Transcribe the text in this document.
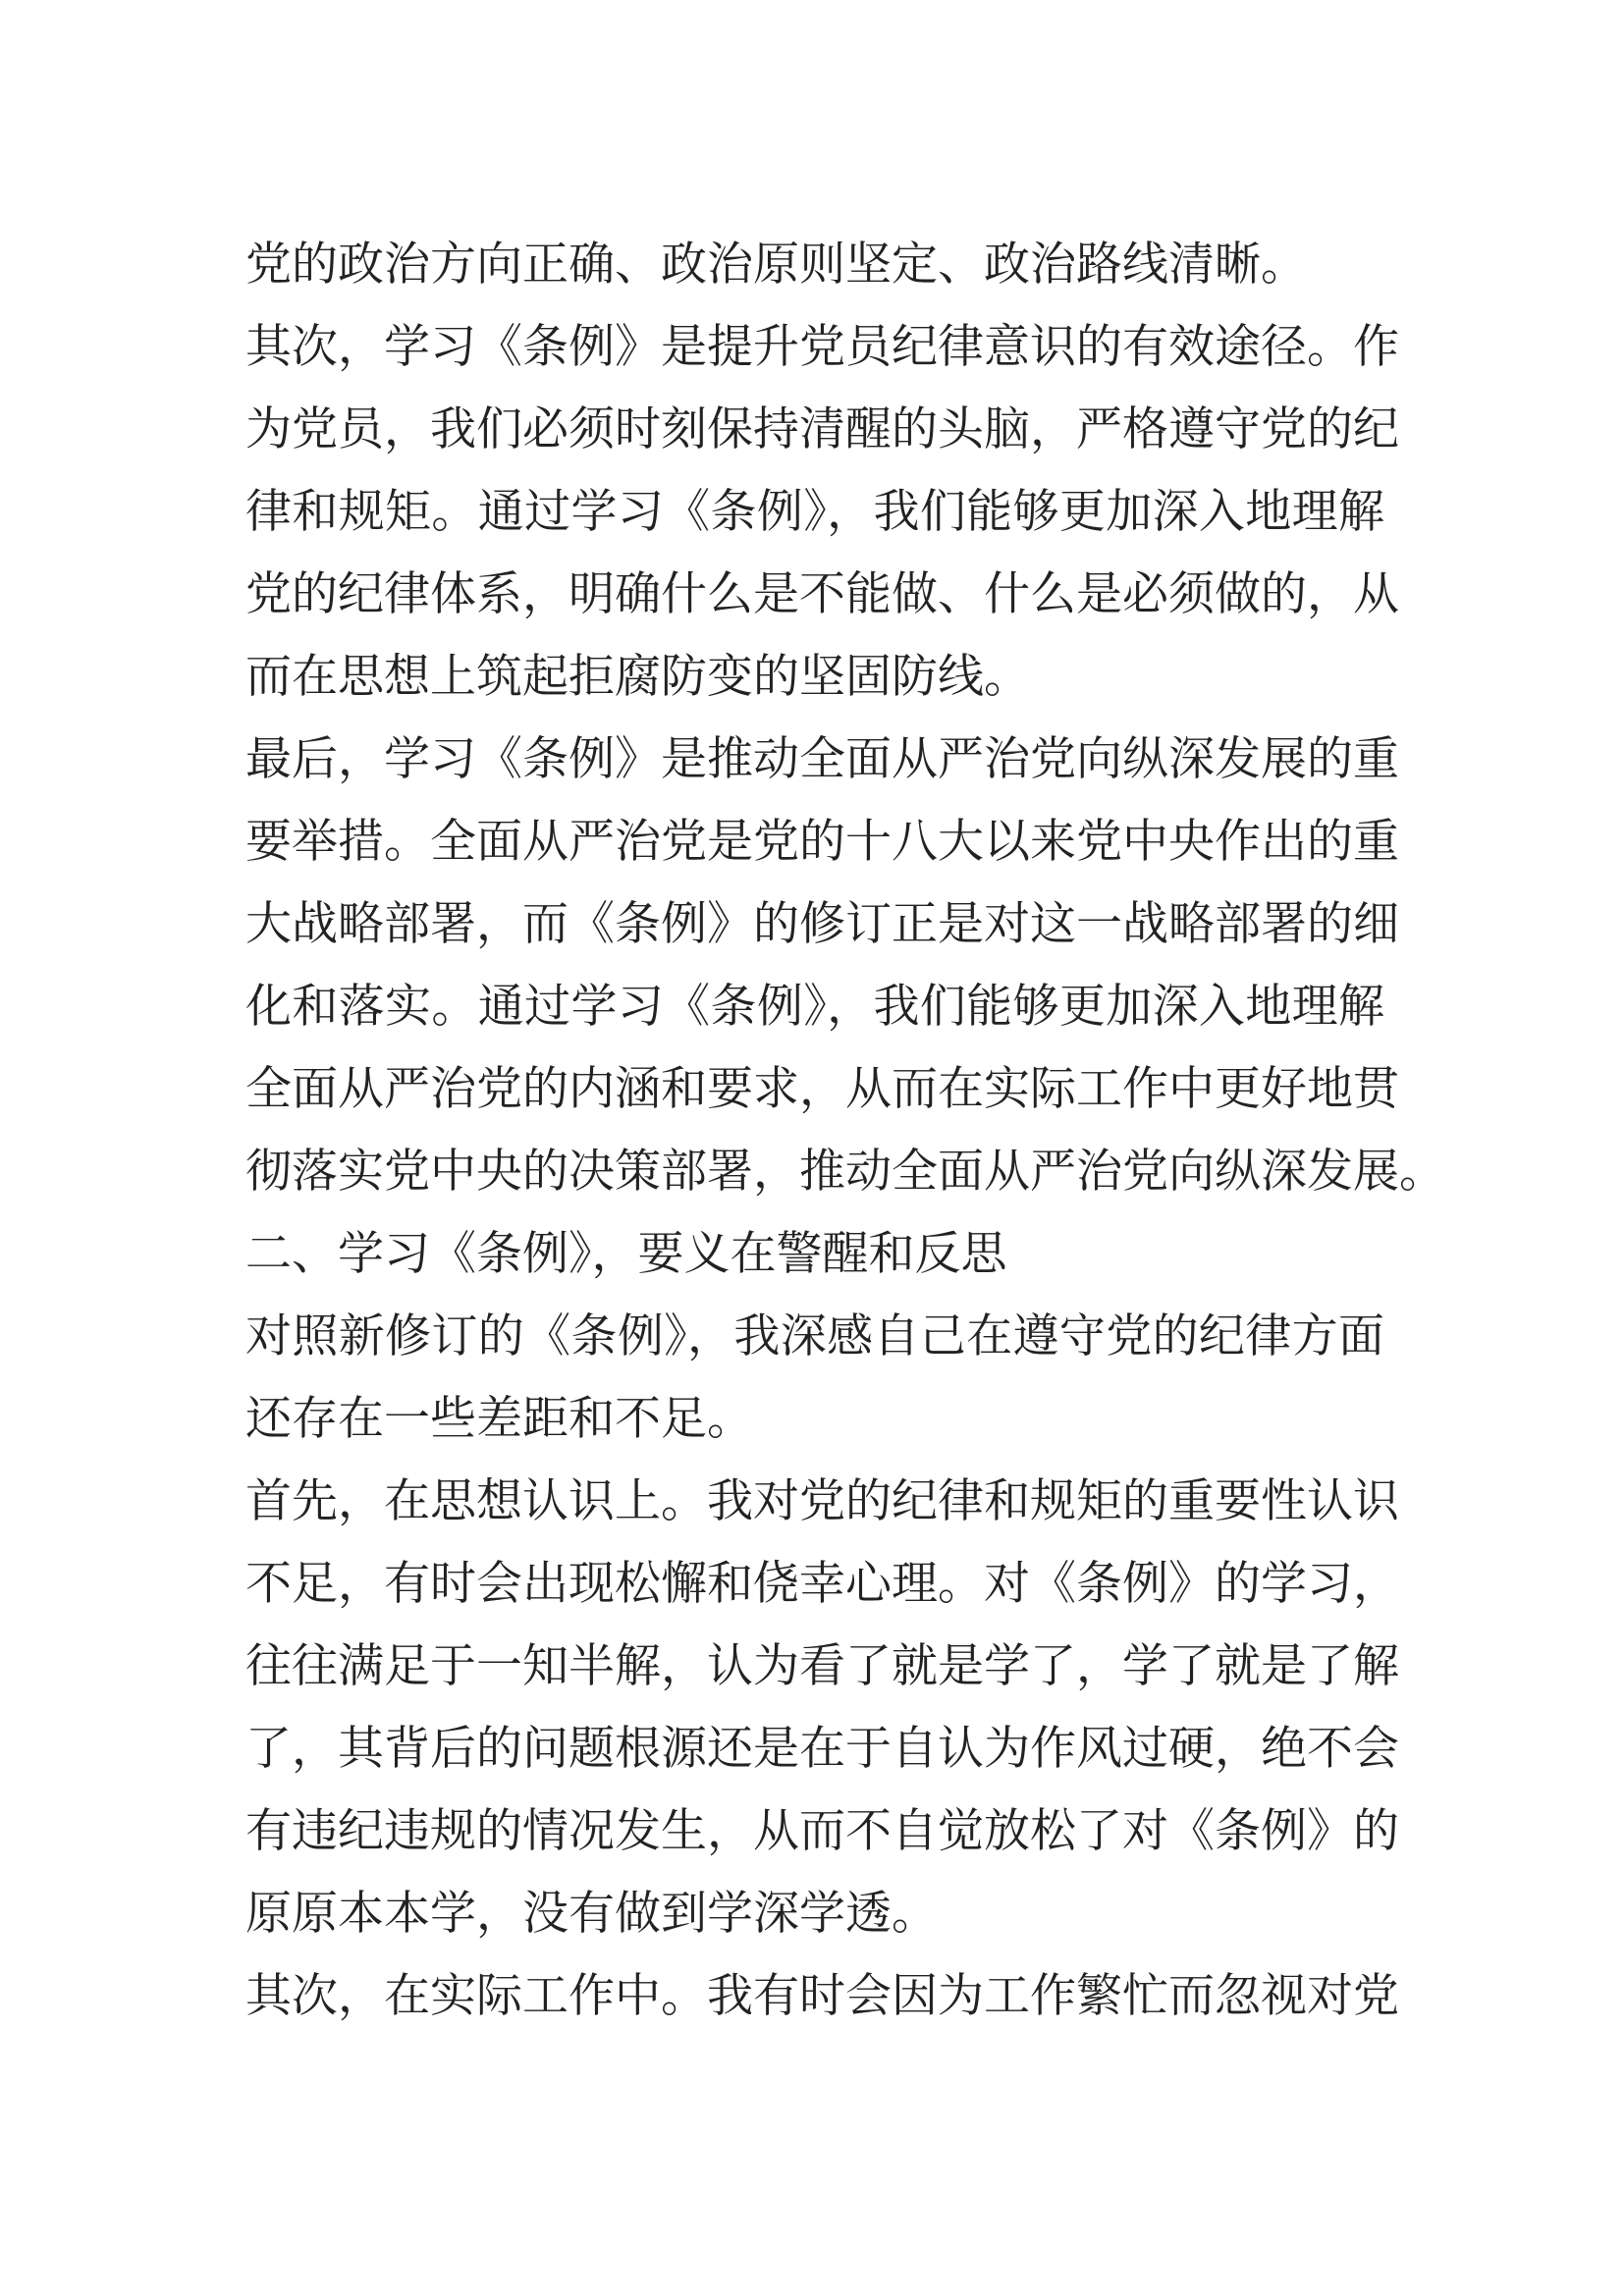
党的政治方向正确、政治原则坚定、政治路线清晰。
其次，学习《条例》是提升党员纪律意识的有效途径。作
为党员，我们必须时刻保持清醒的头脑，严格遵守党的纪
律和规矩。通过学习《条例》，我们能够更加深入地理解
党的纪律体系，明确什么是不能做、什么是必须做的，从
而在思想上筑起拒腐防变的坚固防线。
最后，学习《条例》是推动全面从严治党向纵深发展的重
要举措。全面从严治党是党的十八大以来党中央作出的重
大战略部署，而《条例》的修订正是对这一战略部署的细
化和落实。通过学习《条例》，我们能够更加深入地理解
全面从严治党的内涵和要求，从而在实际工作中更好地贯
彻落实党中央的决策部署，推动全面从严治党向纵深发展。
二、学习《条例》，要义在警醒和反思
对照新修订的《条例》，我深感自己在遵守党的纪律方面
还存在一些差距和不足。
首先，在思想认识上。我对党的纪律和规矩的重要性认识
不足，有时会出现松懈和侥幸心理。对《条例》的学习，
往往满足于一知半解，认为看了就是学了，学了就是了解
了，其背后的问题根源还是在于自认为作风过硬，绝不会
有违纪违规的情况发生，从而不自觉放松了对《条例》的
原原本本学，没有做到学深学透。
其次，在实际工作中。我有时会因为工作繁忙而忽视对党
